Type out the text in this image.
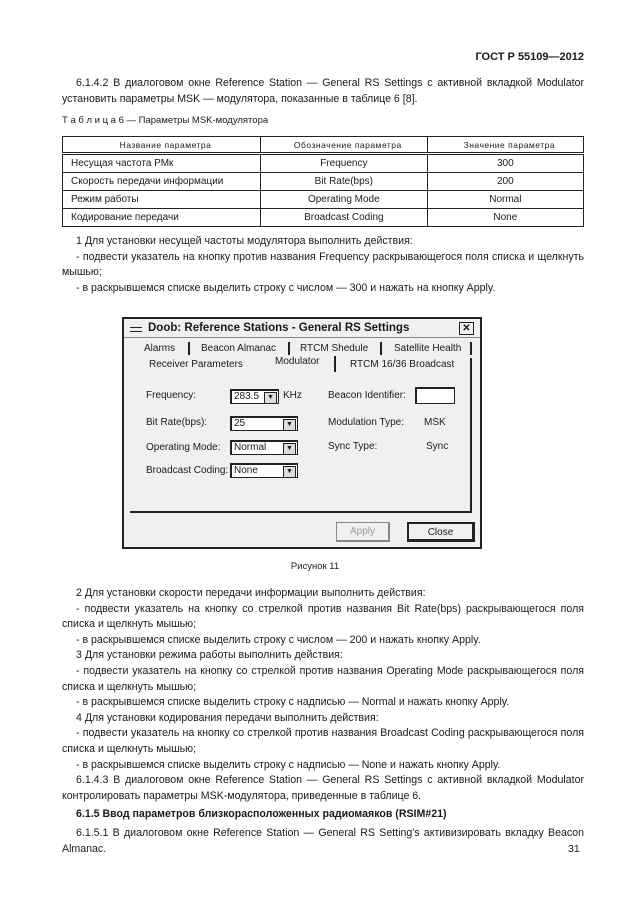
ГОСТ Р 55109—2012
6.1.4.2 В диалоговом окне Reference Station — General RS Settings с активной вкладкой Modulator установить параметры MSK — модулятора, показанные в таблице 6 [8].
Т а б л и ц а 6 — Параметры MSK-модулятора
Название параметра	Обозначение параметра	Значение параметра
Несущая частота РМк	Frequency	300
Скорость передачи информации	Bit Rate(bps)	200
Режим работы	Operating Mode	Normal
Кодирование передачи	Broadcast Coding	None
1 Для установки несущей частоты модулятора выполнить действия:
- подвести указатель на кнопку против названия Frequency раскрывающегося поля списка и щелкнуть мышью;
- в раскрывшемся списке выделить строку с числом — 300 и нажать на кнопку Apply.
Doob: Reference Stations - General RS Settings	✕
Alarms	Beacon Almanac RTCM Shedule	Satellite Health
Receiver Parameters	Modulator	RTCM 16/36 Broadcast
Frequency:	283.5	▼ KHz
Bit Rate(bps):	25	▼
Operating Mode:	Normal	▼
Broadcast Coding: None	▼
Beacon Identifier:
Modulation Type: MSK
Sync Type:	Sync
Apply	Close
Рисунок 11
2 Для установки скорости передачи информации выполнить действия:
- подвести указатель на кнопку со стрелкой против названия Bit Rate(bps) раскрывающегося поля списка и щелкнуть мышью;
- в раскрывшемся списке выделить строку с числом — 200 и нажать кнопку Apply.
3 Для установки режима работы выполнить действия:
- подвести указатель на кнопку со стрелкой против названия Operating Mode раскрывающегося поля списка и щелкнуть мышью;
- в раскрывшемся списке выделить строку с надписью — Normal и нажать кнопку Apply.
4 Для установки кодирования передачи выполнить действия:
- подвести указатель на кнопку со стрелкой против названия Broadcast Coding раскрывающегося поля списка и щелкнуть мышью;
- в раскрывшемся списке выделить строку с надписью — None и нажать кнопку Apply.
6.1.4.3 В диалоговом окне Reference Station — General RS Settings с активной вкладкой Modulator контролировать параметры MSK-модулятора, приведенные в таблице 6.
6.1.5 Ввод параметров близкорасположенных радиомаяков (RSIM#21)
6.1.5.1 В диалоговом окне Reference Station — General RS Setting's активизировать вкладку Beacon Almanac.	31
